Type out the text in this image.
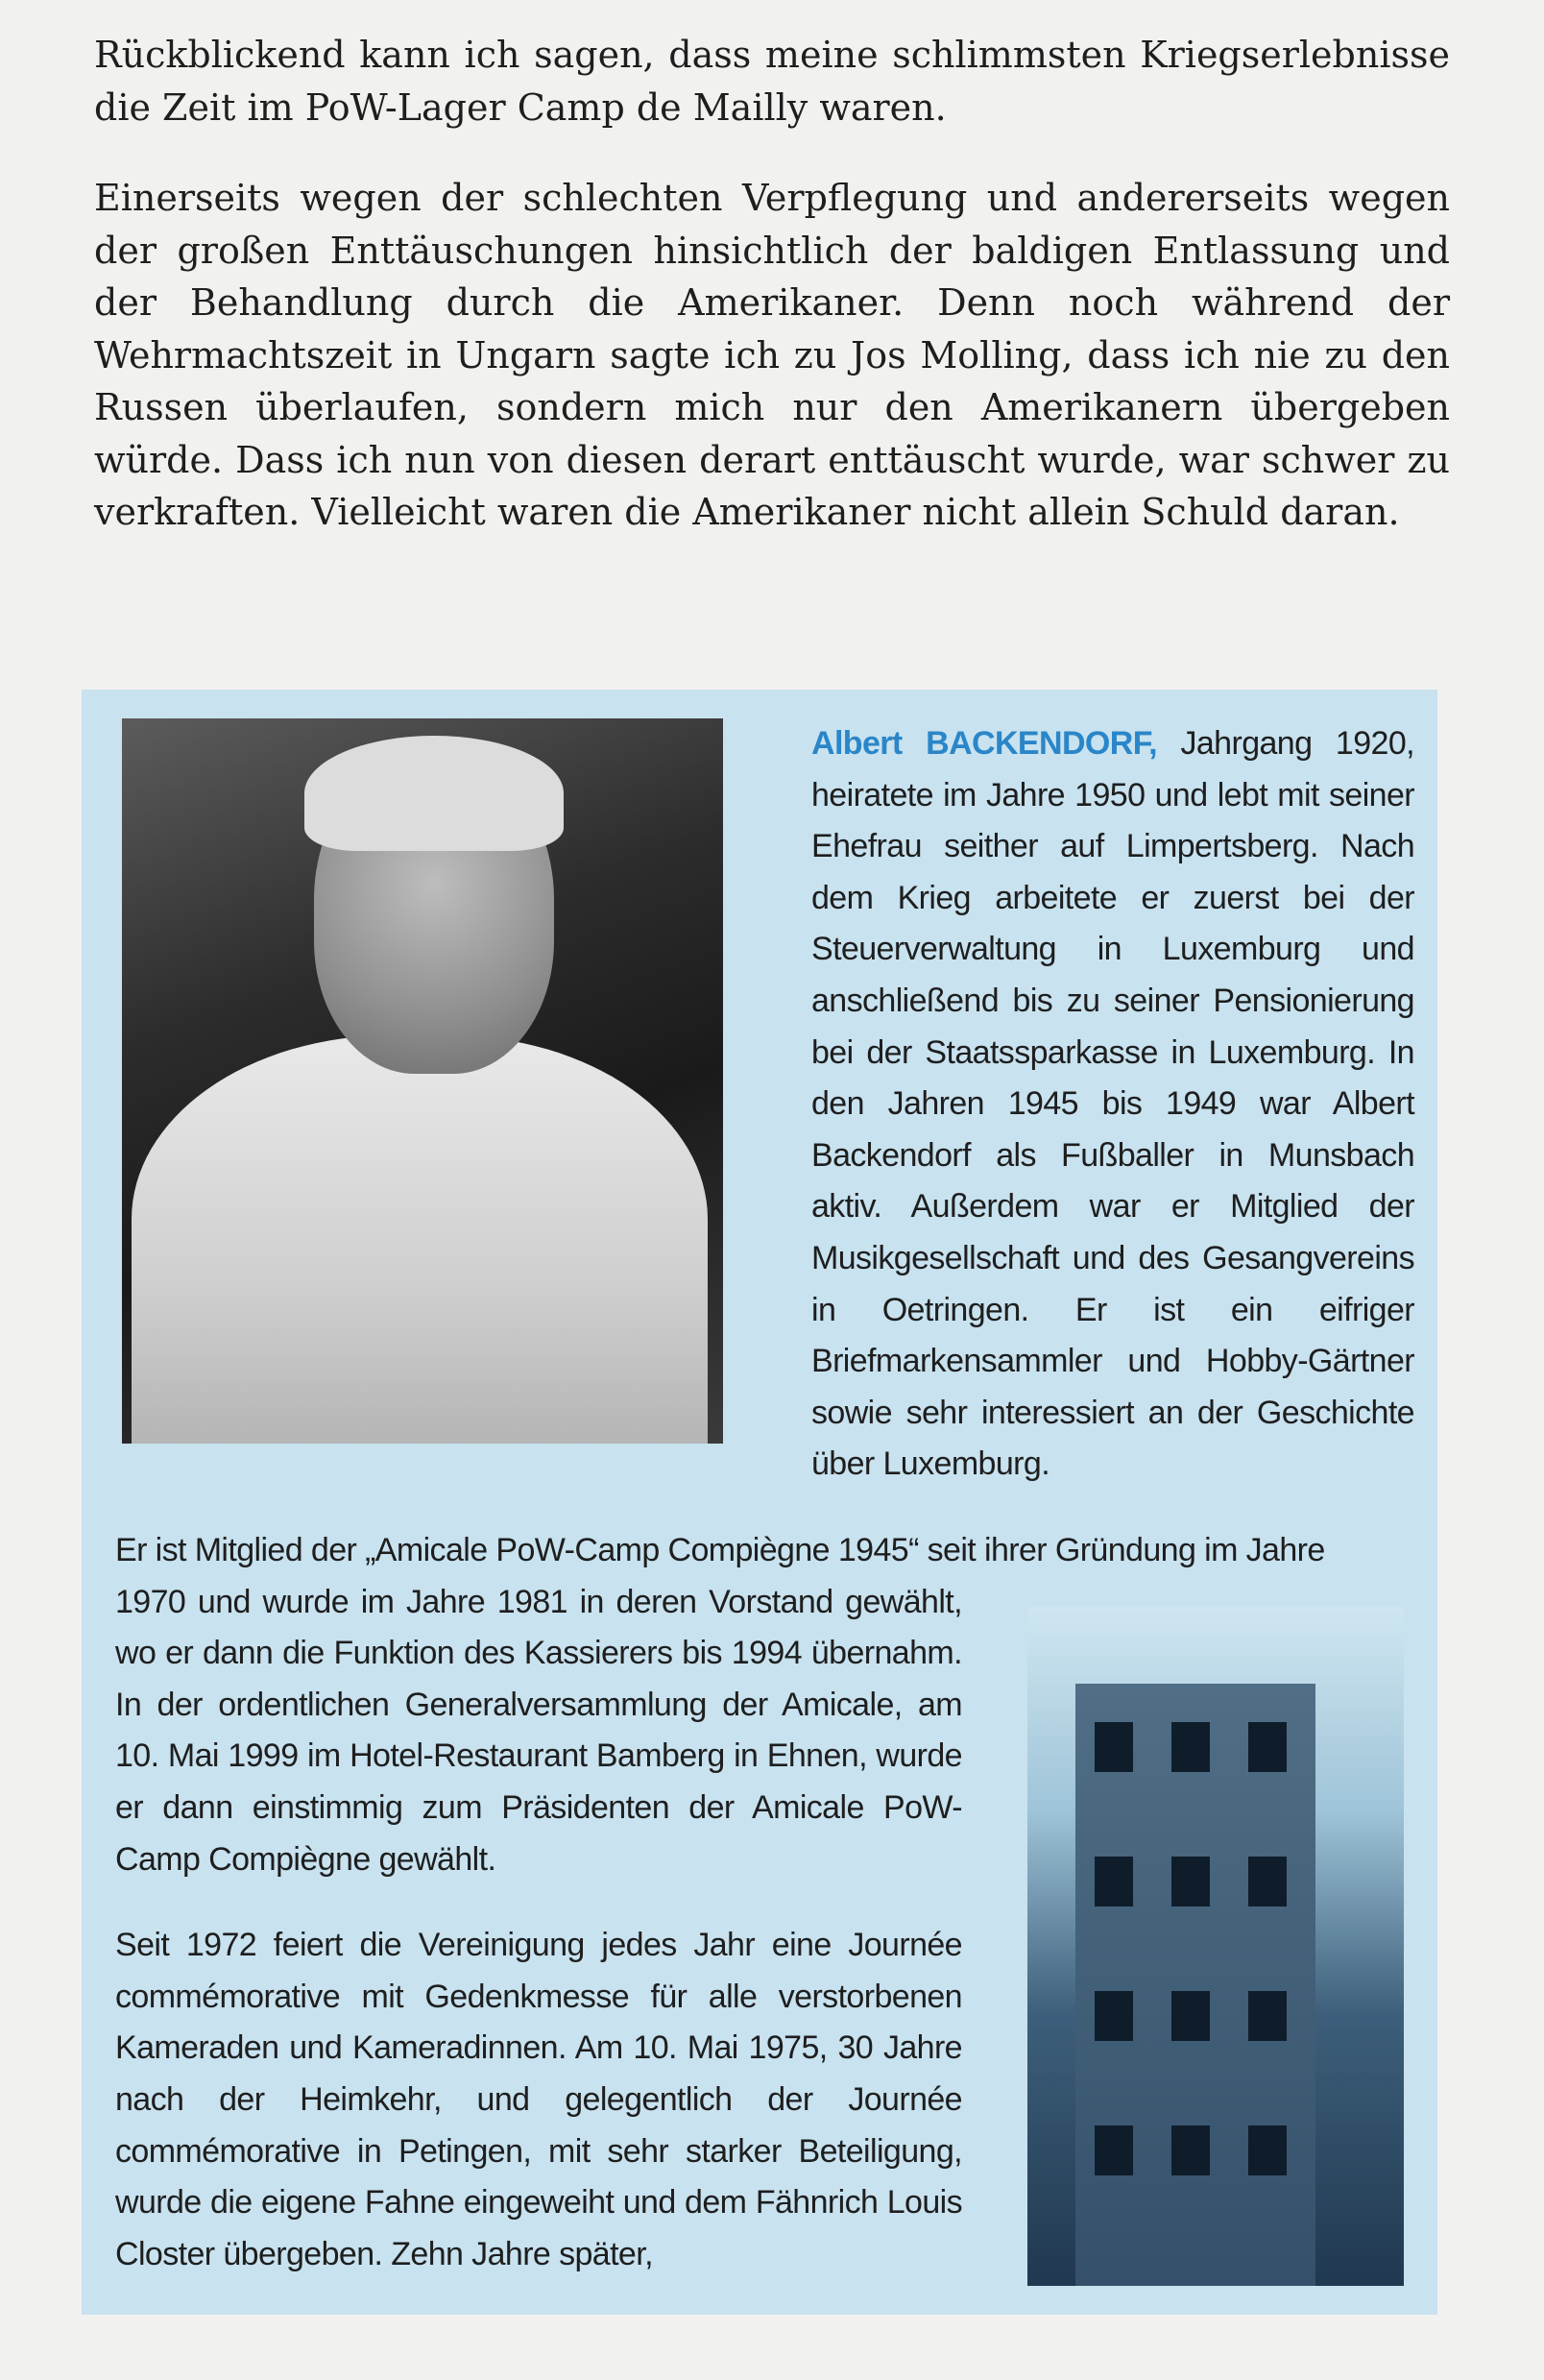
Rückblickend kann ich sagen, dass meine schlimmsten Kriegserlebnisse die Zeit im PoW-Lager Camp de Mailly waren.

Einerseits wegen der schlechten Verpflegung und andererseits wegen der großen Enttäuschungen hinsichtlich der baldigen Entlassung und der Behandlung durch die Amerikaner. Denn noch während der Wehrmachtszeit in Ungarn sagte ich zu Jos Molling, dass ich nie zu den Russen überlaufen, sondern mich nur den Amerikanern übergeben würde. Dass ich nun von diesen derart enttäuscht wurde, war schwer zu verkraften. Vielleicht waren die Amerikaner nicht allein Schuld daran.

Albert BACKENDORF, Jahrgang 1920, heiratete im Jahre 1950 und lebt mit seiner Ehefrau seither auf Limpertsberg. Nach dem Krieg arbeitete er zuerst bei der Steuerverwaltung in Luxemburg und anschließend bis zu seiner Pensionierung bei der Staatssparkasse in Luxemburg. In den Jahren 1945 bis 1949 war Albert Backendorf als Fußballer in Munsbach aktiv. Außerdem war er Mitglied der Musikgesellschaft und des Gesangvereins in Oetringen. Er ist ein eifriger Briefmarkensammler und Hobby-Gärtner sowie sehr interessiert an der Geschichte über Luxemburg.

Er ist Mitglied der „Amicale PoW-Camp Compiègne 1945“ seit ihrer Gründung im Jahre

1970 und wurde im Jahre 1981 in deren Vorstand gewählt, wo er dann die Funktion des Kassierers bis 1994 übernahm. In der ordentlichen Generalversammlung der Amicale, am 10. Mai 1999 im Hotel-Restaurant Bamberg in Ehnen, wurde er dann einstimmig zum Präsidenten der Amicale PoW-Camp Compiègne gewählt.

Seit 1972 feiert die Vereinigung jedes Jahr eine Journée commémorative mit Gedenkmesse für alle verstorbenen Kameraden und Kameradinnen. Am 10. Mai 1975, 30 Jahre nach der Heimkehr, und gelegentlich der Journée commémorative in Petingen, mit sehr starker Beteiligung, wurde die eigene Fahne eingeweiht und dem Fähnrich Louis Closter übergeben. Zehn Jahre später,
